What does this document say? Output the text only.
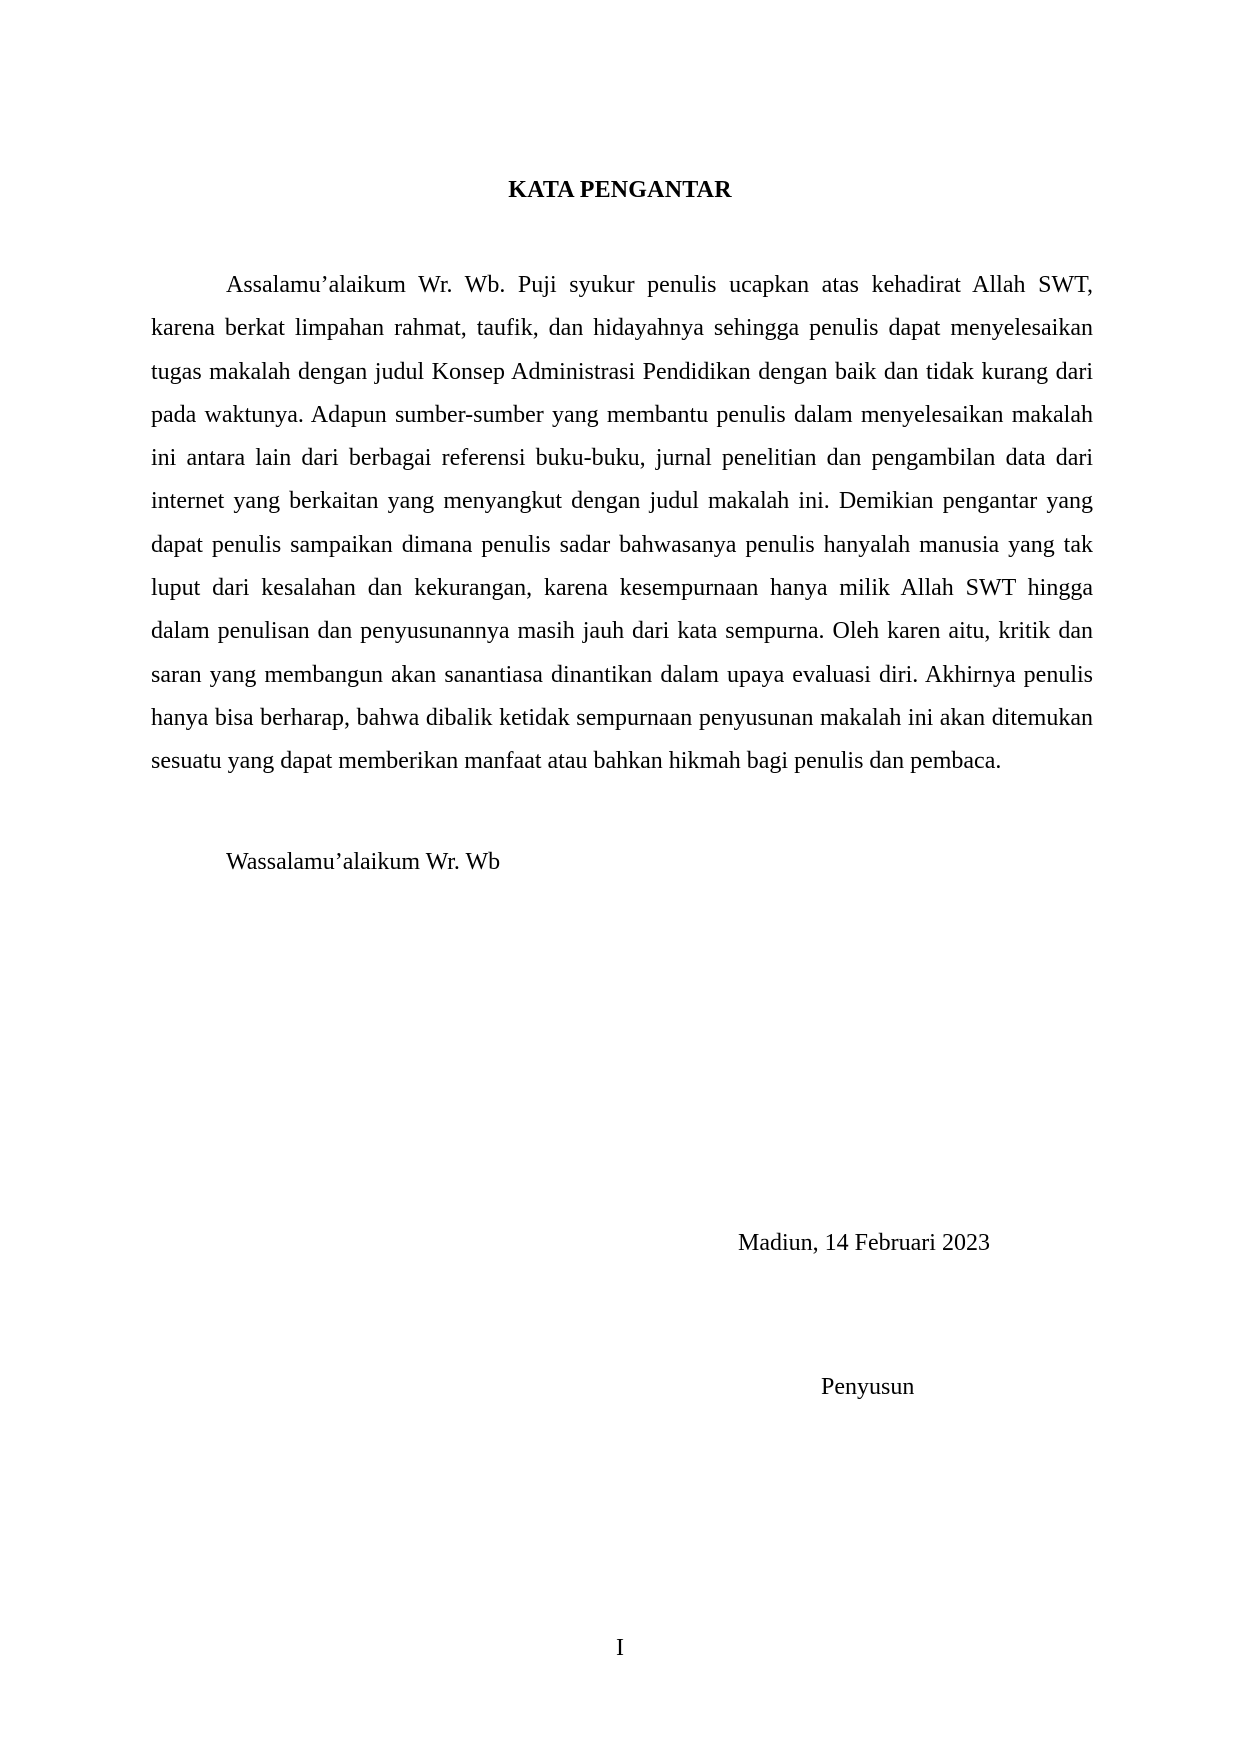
KATA PENGANTAR

Assalamu’alaikum Wr. Wb. Puji syukur penulis ucapkan atas kehadirat Allah SWT, karena berkat limpahan rahmat, taufik, dan hidayahnya sehingga penulis dapat menyelesaikan tugas makalah dengan judul Konsep Administrasi Pendidikan dengan baik dan tidak kurang dari pada waktunya. Adapun sumber-sumber yang membantu penulis dalam menyelesaikan makalah ini antara lain dari berbagai referensi buku-buku, jurnal penelitian dan pengambilan data dari internet yang berkaitan yang menyangkut dengan judul makalah ini. Demikian pengantar yang dapat penulis sampaikan dimana penulis sadar bahwasanya penulis hanyalah manusia yang tak luput dari kesalahan dan kekurangan, karena kesempurnaan hanya milik Allah SWT hingga dalam penulisan dan penyusunannya masih jauh dari kata sempurna. Oleh karen aitu, kritik dan saran yang membangun akan sanantiasa dinantikan dalam upaya evaluasi diri. Akhirnya penulis hanya bisa berharap, bahwa dibalik ketidak sempurnaan penyusunan makalah ini akan ditemukan sesuatu yang dapat memberikan manfaat atau bahkan hikmah bagi penulis dan pembaca.

Wassalamu’alaikum Wr. Wb

Madiun, 14 Februari 2023

Penyusun

I
